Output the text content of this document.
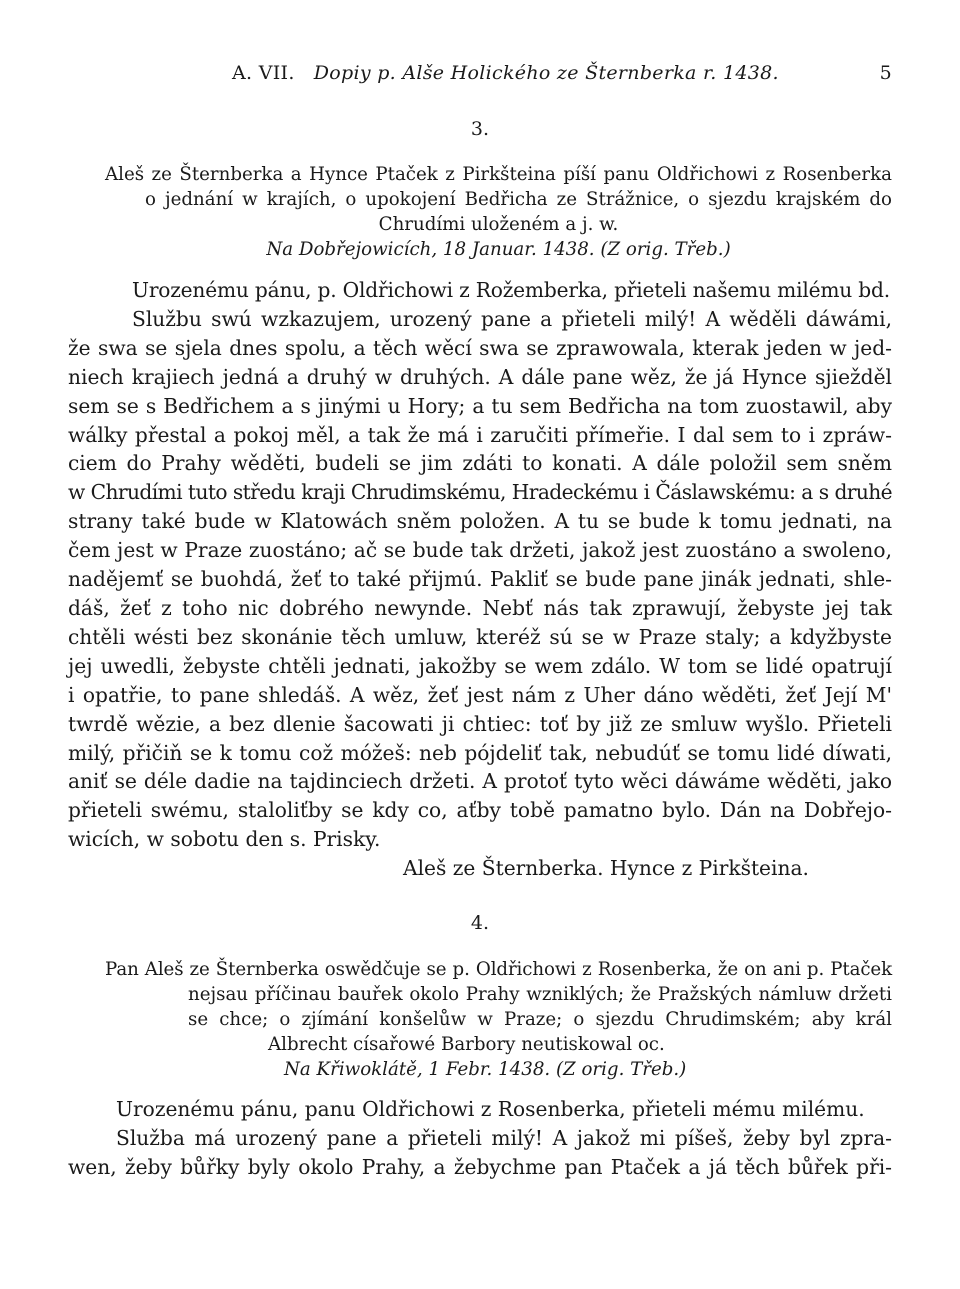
A. VII. Dopiy p. Alše Holického ze Šternberka r. 1438.	5
3.
Aleš ze Šternberka a Hynce Ptaček z Pirkšteina píší panu Oldřichowi z Rosenberka
o jednání w krajích, o upokojení Bedřicha ze Strážnice, o sjezdu krajském do
Chrudími uloženém a j. w.
Na Dobřejowicích, 18 Januar. 1438. (Z orig. Třeb.)
Urozenému pánu, p. Oldřichowi z Rožemberka, přieteli našemu milému bd.
Službu swú wzkazujem, urozený pane a přieteli milý! A wěděli dáwámi,
že swa se sjela dnes spolu, a těch wěcí swa se zprawowala, kterak jeden w jed-
niech krajiech jedná a druhý w druhých. A dále pane wěz, že já Hynce sjiežděl
sem se s Bedřichem a s jinými u Hory; a tu sem Bedřicha na tom zuostawil, aby
wálky přestal a pokoj měl, a tak že má i zaručiti přímeřie. I dal sem to i zpráw-
ciem do Prahy wěděti, budeli se jim zdáti to konati. A dále položil sem sněm
w Chrudími tuto středu kraji Chrudimskému, Hradeckému i Čáslawskému: a s druhé
strany také bude w Klatowách sněm položen. A tu se bude k tomu jednati, na
čem jest w Praze zuostáno; ač se bude tak držeti, jakož jest zuostáno a swoleno,
nadějemť se buohdá, žeť to také přijmú. Pakliť se bude pane jinák jednati, shle-
dáš, žeť z toho nic dobrého newynde. Nebť nás tak zprawují, žebyste jej tak
chtěli wésti bez skonánie těch umluw, kteréž sú se w Praze staly; a kdyžbyste
jej uwedli, žebyste chtěli jednati, jakožby se wem zdálo. W tom se lidé opatrují
i opatřie, to pane shledáš. A wěz, žeť jest nám z Uher dáno wěděti, žeť Její M'
twrdě wězie, a bez dlenie šacowati ji chtiec: toť by již ze smluw wyšlo. Přieteli
milý, přičiň se k tomu což móžeš: neb pójdeliť tak, nebudúť se tomu lidé díwati,
aniť se déle dadie na tajdinciech držeti. A protoť tyto wěci dáwáme wěděti, jako
přieteli swému, staloliťby se kdy co, aťby tobě pamatno bylo. Dán na Dobřejo-
wicích, w sobotu den s. Prisky.
Aleš ze Šternberka. Hynce z Pirkšteina.
4.
Pan Aleš ze Šternberka oswědčuje se p. Oldřichowi z Rosenberka, že on ani p. Ptaček
nejsau příčinau bauřek okolo Prahy wzniklých; že Pražských námluw držeti
se chce; o zjímání konšelůw w Praze; o sjezdu Chrudimském; aby král
Albrecht císařowé Barbory neutiskowal oc.
Na Křiwoklátě, 1 Febr. 1438. (Z orig. Třeb.)
Urozenému pánu, panu Oldřichowi z Rosenberka, přieteli mému milému.
Služba má urozený pane a přieteli milý! A jakož mi píšeš, žeby byl zpra-
wen, žeby bůřky byly okolo Prahy, a žebychme pan Ptaček a já těch bůřek při-
